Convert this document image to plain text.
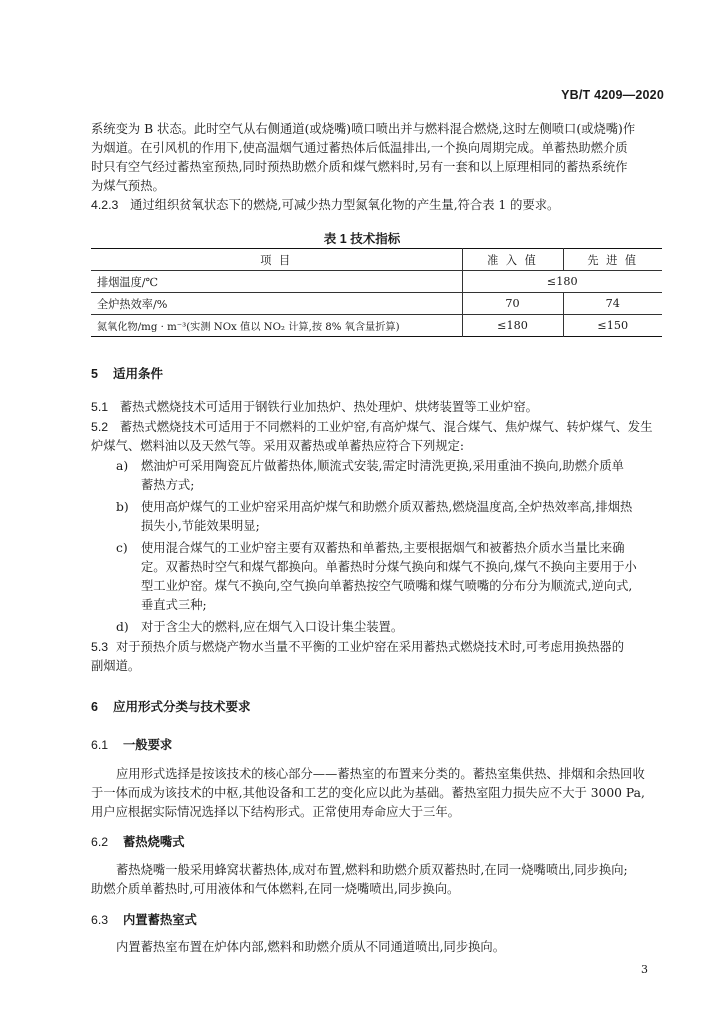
YB/T 4209—2020
系统变为 B 状态。此时空气从右侧通道(或烧嘴)喷口喷出并与燃料混合燃烧,这时左侧喷口(或烧嘴)作
为烟道。在引风机的作用下,使高温烟气通过蓄热体后低温排出,一个换向周期完成。单蓄热助燃介质
时只有空气经过蓄热室预热,同时预热助燃介质和煤气燃料时,另有一套和以上原理相同的蓄热系统作
为煤气预热。
4.2.3 通过组织贫氧状态下的燃烧,可减少热力型氮氧化物的产生量,符合表 1 的要求。
表 1 技术指标
项 目	准 入 值	先 进 值
排烟温度/℃	≤180	
全炉热效率/%	70	74
氮氧化物/mg · m⁻³(实测 NOx 值以 NO₂ 计算,按 8% 氧含量折算)	≤180	≤150
5 适用条件
5.1 蓄热式燃烧技术可适用于钢铁行业加热炉、热处理炉、烘烤装置等工业炉窑。
5.2 蓄热式燃烧技术可适用于不同燃料的工业炉窑,有高炉煤气、混合煤气、焦炉煤气、转炉煤气、发生
炉煤气、燃料油以及天然气等。采用双蓄热或单蓄热应符合下列规定:
a)	燃油炉可采用陶瓷瓦片做蓄热体,顺流式安装,需定时清洗更换,采用重油不换向,助燃介质单
蓄热方式;
b)	使用高炉煤气的工业炉窑采用高炉煤气和助燃介质双蓄热,燃烧温度高,全炉热效率高,排烟热
损失小,节能效果明显;
c)	使用混合煤气的工业炉窑主要有双蓄热和单蓄热,主要根据烟气和被蓄热介质水当量比来确
定。双蓄热时空气和煤气都换向。单蓄热时分煤气换向和煤气不换向,煤气不换向主要用于小
型工业炉窑。煤气不换向,空气换向单蓄热按空气喷嘴和煤气喷嘴的分布分为顺流式,逆向式,
垂直式三种;
d)	对于含尘大的燃料,应在烟气入口设计集尘装置。
5.3 对于预热介质与燃烧产物水当量不平衡的工业炉窑在采用蓄热式燃烧技术时,可考虑用换热器的
副烟道。
6 应用形式分类与技术要求
6.1 一般要求
应用形式选择是按该技术的核心部分——蓄热室的布置来分类的。蓄热室集供热、排烟和余热回收
于一体而成为该技术的中枢,其他设备和工艺的变化应以此为基础。蓄热室阻力损失应不大于 3000 Pa,
用户应根据实际情况选择以下结构形式。正常使用寿命应大于三年。
6.2 蓄热烧嘴式
蓄热烧嘴一般采用蜂窝状蓄热体,成对布置,燃料和助燃介质双蓄热时,在同一烧嘴喷出,同步换向;
助燃介质单蓄热时,可用液体和气体燃料,在同一烧嘴喷出,同步换向。
6.3 内置蓄热室式
内置蓄热室布置在炉体内部,燃料和助燃介质从不同通道喷出,同步换向。
3
